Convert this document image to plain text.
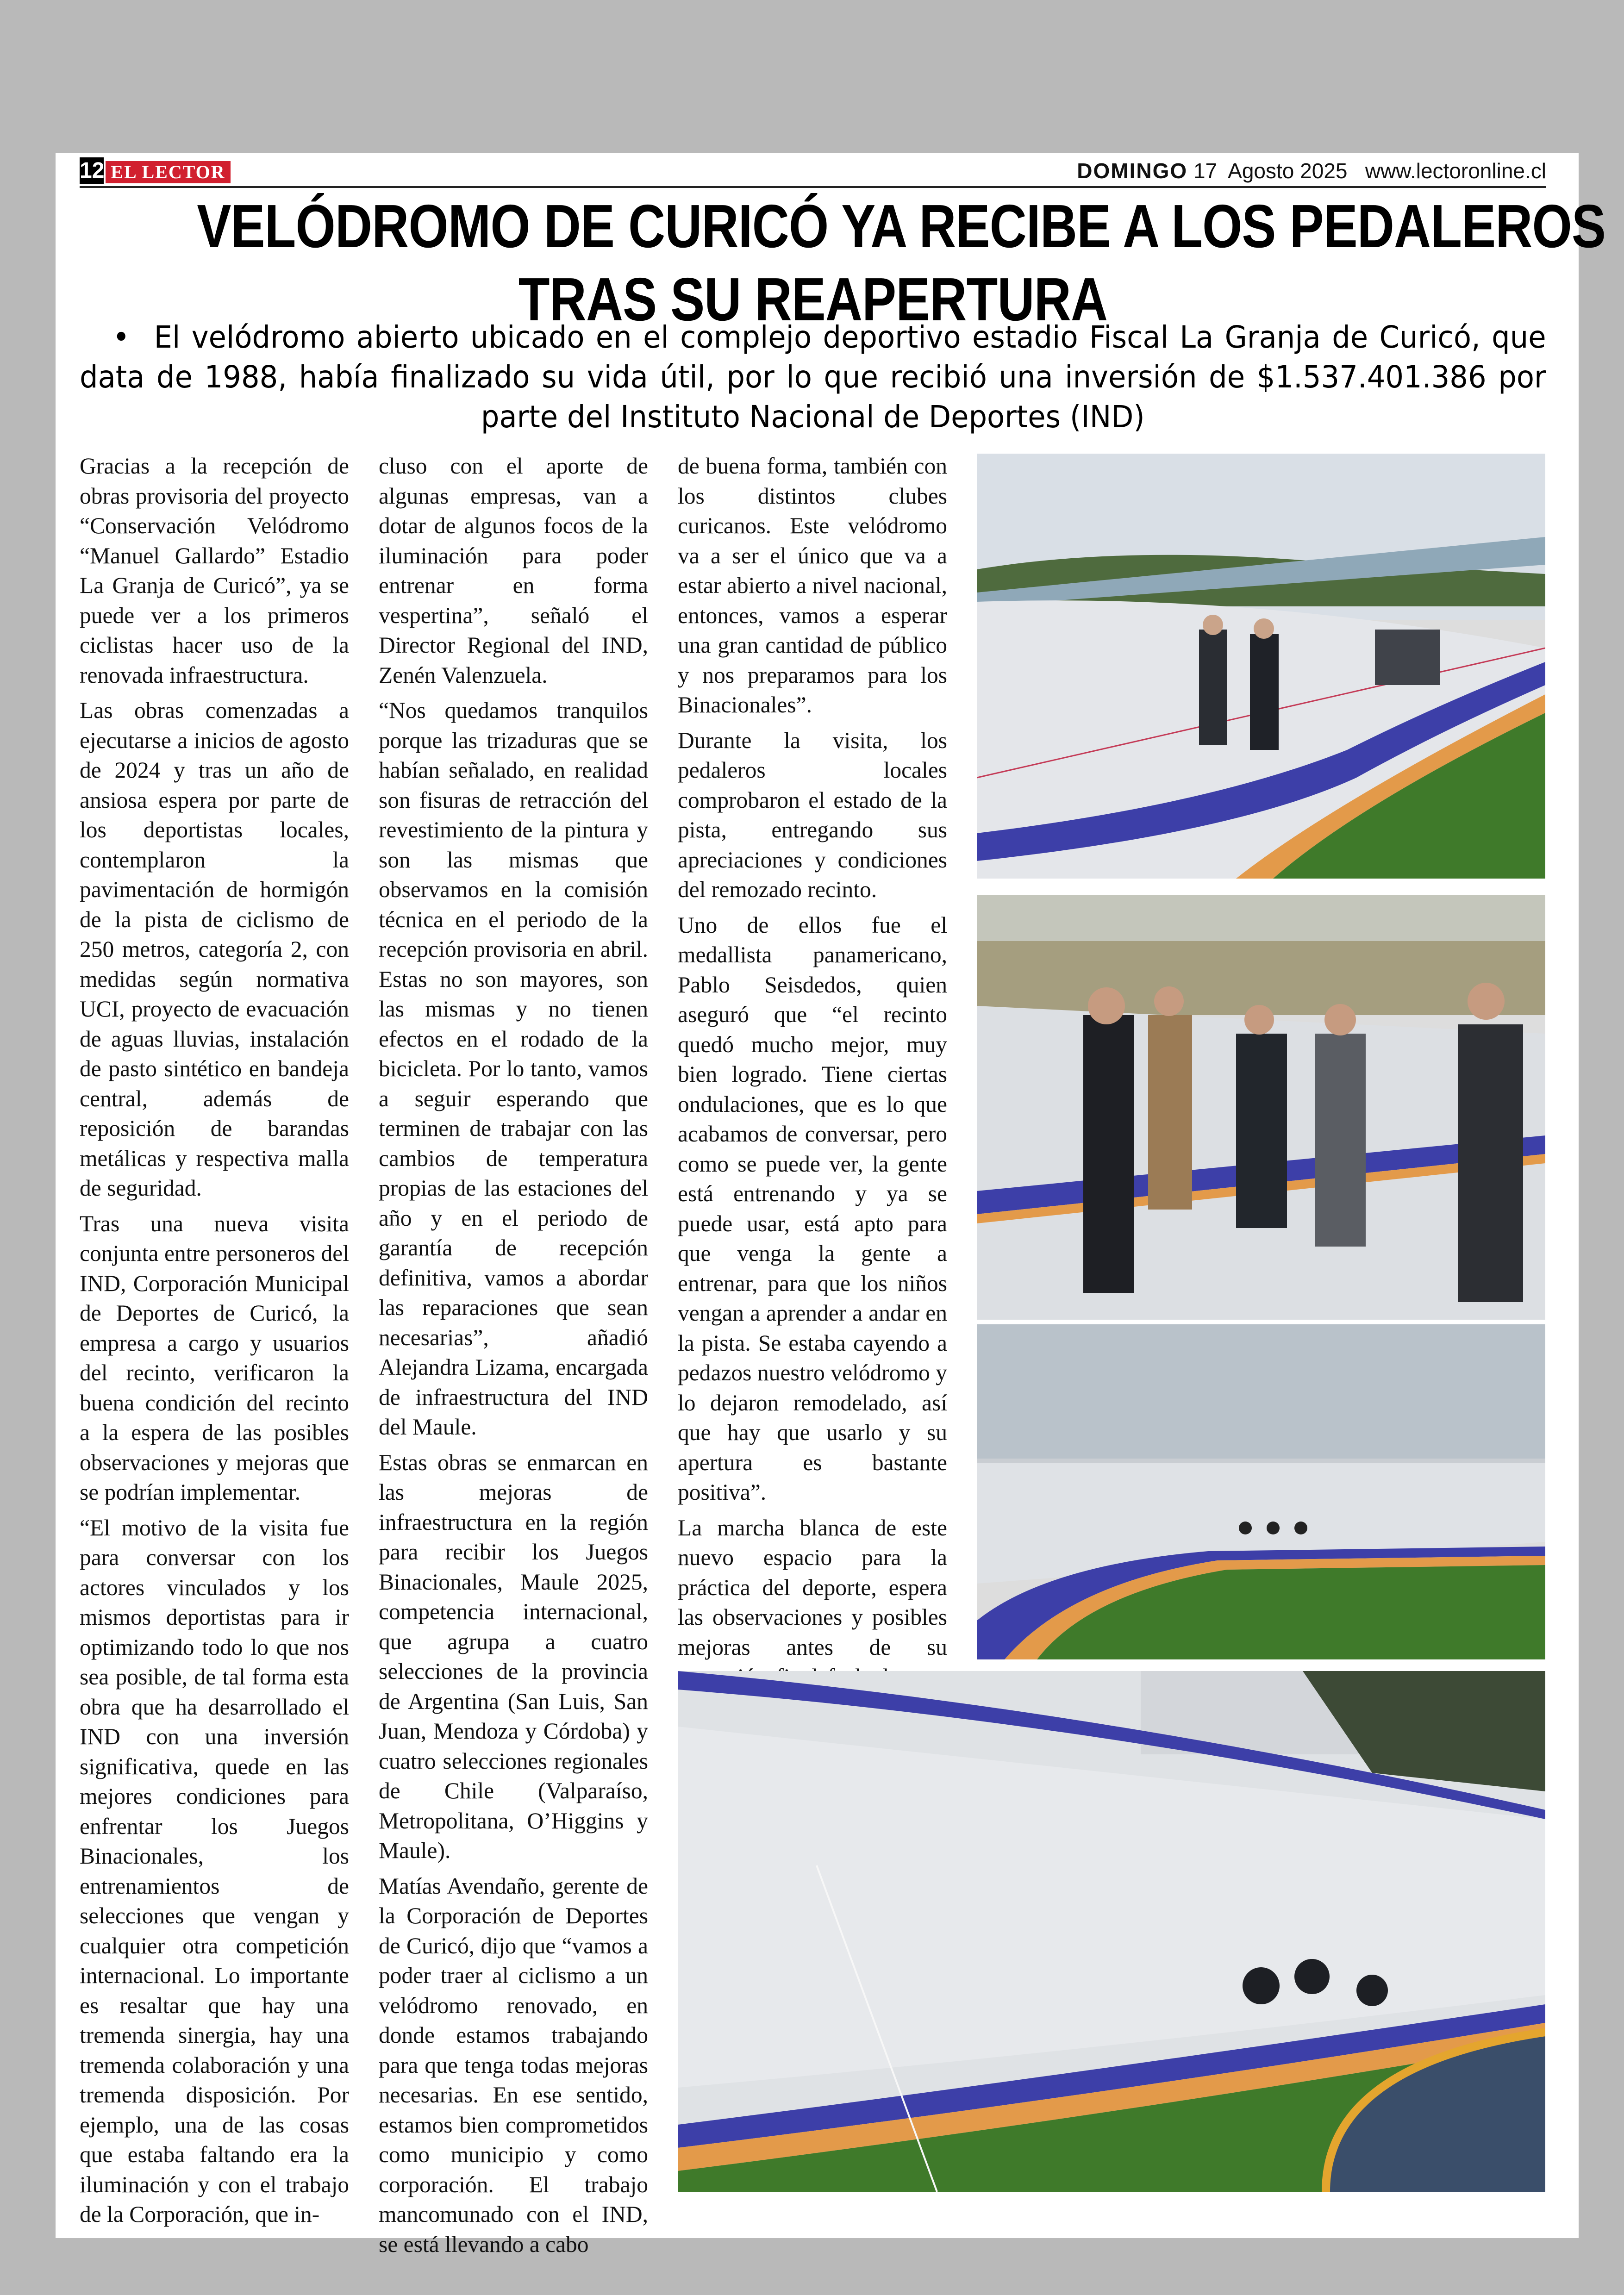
12 EL LECTOR	DOMINGO 17  Agosto 2025   www.lectoronline.cl
VELÓDROMO DE CURICÓ YA RECIBE A LOS PEDALEROS
TRAS SU REAPERTURA
• El velódromo abierto ubicado en el complejo deportivo estadio Fiscal La Granja de Curicó, que data de 1988, había finalizado su vida útil, por lo que recibió una inversión de $1.537.401.386 por parte del Instituto Nacional de Deportes (IND)

Gracias a la recepción de obras provisoria del proyecto “Conservación Velódromo “Manuel Gallardo” Estadio La Granja de Curicó”, ya se puede ver a los primeros ciclistas hacer uso de la renovada infraestructura.

Las obras comenzadas a ejecutarse a inicios de agosto de 2024 y tras un año de ansiosa espera por parte de los deportistas locales, contemplaron la pavimentación de hormigón de la pista de ciclismo de 250 metros, categoría 2, con medidas según normativa UCI, proyecto de evacuación de aguas lluvias, instalación de pasto sintético en bandeja central, además de reposición de barandas metálicas y respectiva malla de seguridad.

Tras una nueva visita conjunta entre personeros del IND, Corporación Municipal de Deportes de Curicó, la empresa a cargo y usuarios del recinto, verificaron la buena condición del recinto a la espera de las posibles observaciones y mejoras que se podrían implementar.

“El motivo de la visita fue para conversar con los actores vinculados y los mismos deportistas para ir optimizando todo lo que nos sea posible, de tal forma esta obra que ha desarrollado el IND con una inversión significativa, quede en las mejores condiciones para enfrentar los Juegos Binacionales, los entrenamientos de selecciones que vengan y cualquier otra competición internacional. Lo importante es resaltar que hay una tremenda sinergia, hay una tremenda colaboración y una tremenda disposición. Por ejemplo, una de las cosas que estaba faltando era la iluminación y con el trabajo de la Corporación, que in-

cluso con el aporte de algunas empresas, van a dotar de algunos focos de la iluminación para poder entrenar en forma vespertina”, señaló el Director Regional del IND, Zenén Valenzuela.

“Nos quedamos tranquilos porque las trizaduras que se habían señalado, en realidad son fisuras de retracción del revestimiento de la pintura y son las mismas que observamos en la comisión técnica en el periodo de la recepción provisoria en abril. Estas no son mayores, son las mismas y no tienen efectos en el rodado de la bicicleta. Por lo tanto, vamos a seguir esperando que terminen de trabajar con las cambios de temperatura propias de las estaciones del año y en el periodo de garantía de recepción definitiva, vamos a abordar las reparaciones que sean necesarias”, añadió Alejandra Lizama, encargada de infraestructura del IND del Maule.

Estas obras se enmarcan en las mejoras de infraestructura en la región para recibir los Juegos Binacionales, Maule 2025, competencia internacional, que agrupa a cuatro selecciones de la provincia de Argentina (San Luis, San Juan, Mendoza y Córdoba) y cuatro selecciones regionales de Chile (Valparaíso, Metropolitana, O’Higgins y Maule).

Matías Avendaño, gerente de la Corporación de Deportes de Curicó, dijo que “vamos a poder traer al ciclismo a un velódromo renovado, en donde estamos trabajando para que tenga todas mejoras necesarias. En ese sentido, estamos bien comprometidos como municipio y como corporación. El trabajo mancomunado con el IND, se está llevando a cabo

de buena forma, también con los distintos clubes curicanos. Este velódromo va a ser el único que va a estar abierto a nivel nacional, entonces, vamos a esperar una gran cantidad de público y nos preparamos para los Binacionales”.

Durante la visita, los pedaleros locales comprobaron el estado de la pista, entregando sus apreciaciones y condiciones del remozado recinto.

Uno de ellos fue el medallista panamericano, Pablo Seisdedos, quien aseguró que “el recinto quedó mucho mejor, muy bien logrado. Tiene ciertas ondulaciones, que es lo que acabamos de conversar, pero como se puede ver, la gente está entrenando y ya se puede usar, está apto para que venga la gente a entrenar, para que los niños vengan a aprender a andar en la pista. Se estaba cayendo a pedazos nuestro velódromo y lo dejaron remodelado, así que hay que usarlo y su apertura es bastante positiva”.

La marcha blanca de este nuevo espacio para la práctica del deporte, espera las observaciones y posibles mejoras antes de su
